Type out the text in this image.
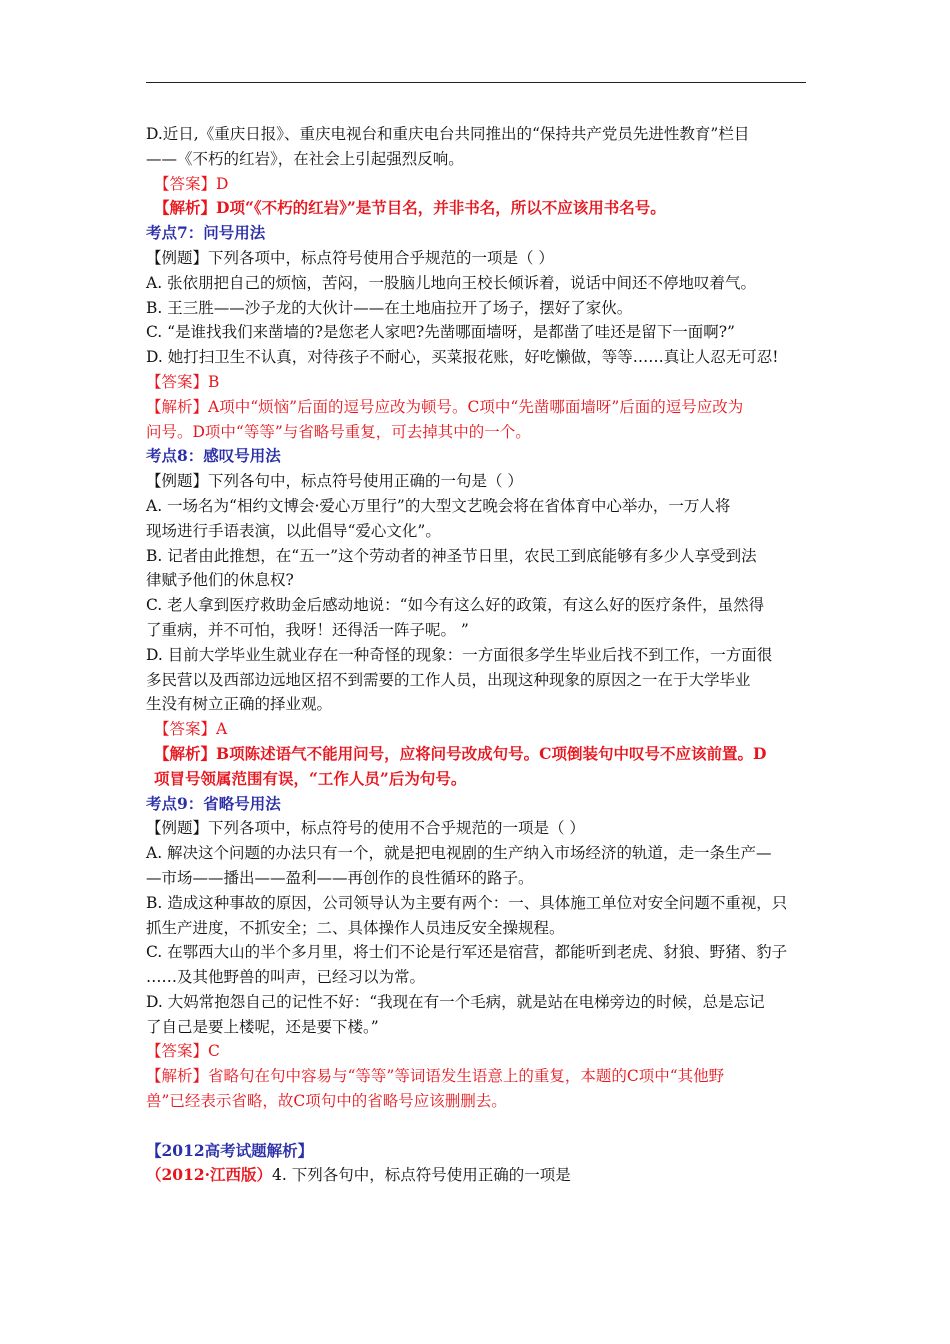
D.近日,《重庆日报》、重庆电视台和重庆电台共同推出的“保持共产党员先进性教育”栏目
——《不朽的红岩》，在社会上引起强烈反响。
【答案】D
【解析】D项“《不朽的红岩》”是节目名，并非书名，所以不应该用书名号。
考点7：问号用法
【例题】下列各项中，标点符号使用合乎规范的一项是（ ）
A. 张依朋把自己的烦恼，苦闷，一股脑儿地向王校长倾诉着，说话中间还不停地叹着气。
B. 王三胜——沙子龙的大伙计——在土地庙拉开了场子，摆好了家伙。
C. “是谁找我们来凿墙的?是您老人家吧?先凿哪面墙呀，是都凿了哇还是留下一面啊?”
D. 她打扫卫生不认真，对待孩子不耐心，买菜报花账，好吃懒做，等等……真让人忍无可忍!
【答案】B
【解析】A项中“烦恼”后面的逗号应改为顿号。C项中“先凿哪面墙呀”后面的逗号应改为
问号。D项中“等等”与省略号重复，可去掉其中的一个。
考点8：感叹号用法
【例题】下列各句中，标点符号使用正确的一句是（ ）
A. 一场名为“相约文博会·爱心万里行”的大型文艺晚会将在省体育中心举办，一万人将
现场进行手语表演，以此倡导“爱心文化”。
B. 记者由此推想，在“五一”这个劳动者的神圣节日里，农民工到底能够有多少人享受到法
律赋予他们的休息权?
C. 老人拿到医疗救助金后感动地说：“如今有这么好的政策，有这么好的医疗条件，虽然得
了重病，并不可怕，我呀！还得活一阵子呢。 ”
D. 目前大学毕业生就业存在一种奇怪的现象：一方面很多学生毕业后找不到工作，一方面很
多民营以及西部边远地区招不到需要的工作人员，出现这种现象的原因之一在于大学毕业
生没有树立正确的择业观。
【答案】A
【解析】B项陈述语气不能用问号，应将问号改成句号。C项倒装句中叹号不应该前置。D
项冒号领属范围有误，“工作人员”后为句号。
考点9：省略号用法
【例题】下列各项中，标点符号的使用不合乎规范的一项是（ ）
A. 解决这个问题的办法只有一个，就是把电视剧的生产纳入市场经济的轨道，走一条生产—
—市场——播出——盈利——再创作的良性循环的路子。
B. 造成这种事故的原因，公司领导认为主要有两个：一、具体施工单位对安全问题不重视，只
抓生产进度，不抓安全；二、具体操作人员违反安全操规程。
C. 在鄂西大山的半个多月里，将士们不论是行军还是宿营，都能听到老虎、豺狼、野猪、豹子
……及其他野兽的叫声，已经习以为常。
D. 大妈常抱怨自己的记性不好：“我现在有一个毛病，就是站在电梯旁边的时候，总是忘记
了自己是要上楼呢，还是要下楼。”
【答案】C
【解析】省略句在句中容易与“等等”等词语发生语意上的重复，本题的C项中“其他野
兽”已经表示省略，故C项句中的省略号应该删删去。
【2012高考试题解析】
（2012·江西版）4. 下列各句中，标点符号使用正确的一项是
